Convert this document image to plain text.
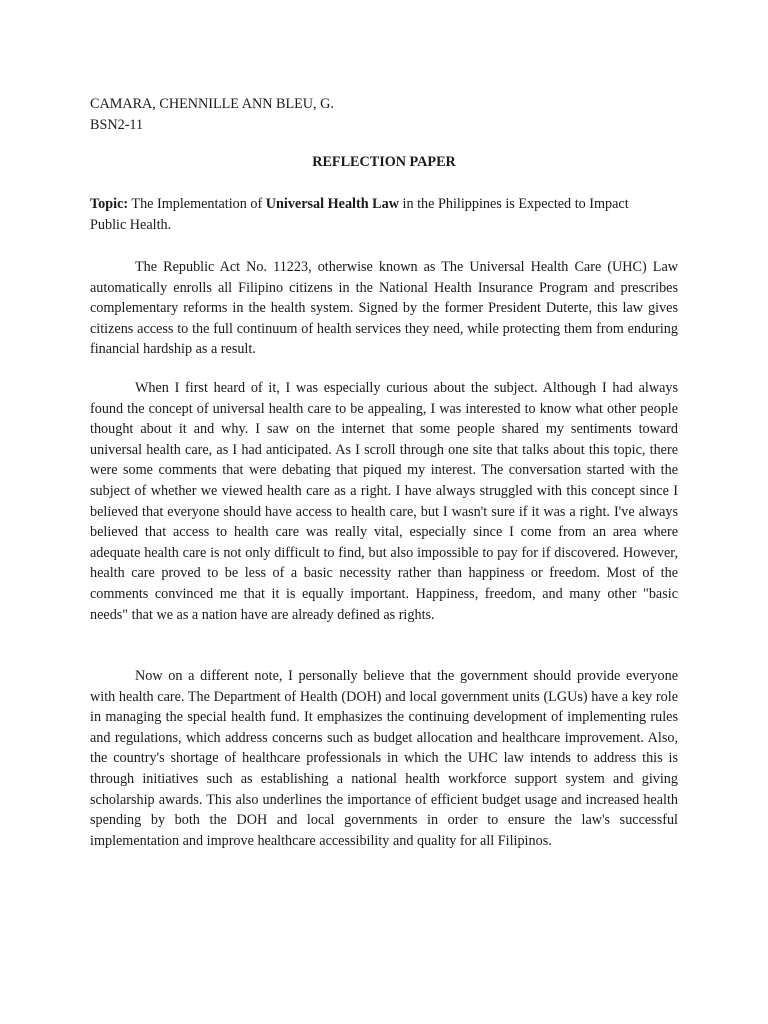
CAMARA, CHENNILLE ANN BLEU, G.
BSN2-11
REFLECTION PAPER
Topic: The Implementation of Universal Health Law in the Philippines is Expected to Impact Public Health.

The Republic Act No. 11223, otherwise known as The Universal Health Care (UHC) Law automatically enrolls all Filipino citizens in the National Health Insurance Program and prescribes complementary reforms in the health system. Signed by the former President Duterte, this law gives citizens access to the full continuum of health services they need, while protecting them from enduring financial hardship as a result.

When I first heard of it, I was especially curious about the subject. Although I had always found the concept of universal health care to be appealing, I was interested to know what other people thought about it and why. I saw on the internet that some people shared my sentiments toward universal health care, as I had anticipated. As I scroll through one site that talks about this topic, there were some comments that were debating that piqued my interest. The conversation started with the subject of whether we viewed health care as a right. I have always struggled with this concept since I believed that everyone should have access to health care, but I wasn't sure if it was a right. I've always believed that access to health care was really vital, especially since I come from an area where adequate health care is not only difficult to find, but also impossible to pay for if discovered. However, health care proved to be less of a basic necessity rather than happiness or freedom. Most of the comments convinced me that it is equally important. Happiness, freedom, and many other "basic needs" that we as a nation have are already defined as rights.

Now on a different note, I personally believe that the government should provide everyone with health care. The Department of Health (DOH) and local government units (LGUs) have a key role in managing the special health fund. It emphasizes the continuing development of implementing rules and regulations, which address concerns such as budget allocation and healthcare improvement. Also, the country's shortage of healthcare professionals in which the UHC law intends to address this is through initiatives such as establishing a national health workforce support system and giving scholarship awards. This also underlines the importance of efficient budget usage and increased health spending by both the DOH and local governments in order to ensure the law's successful implementation and improve healthcare accessibility and quality for all Filipinos.
